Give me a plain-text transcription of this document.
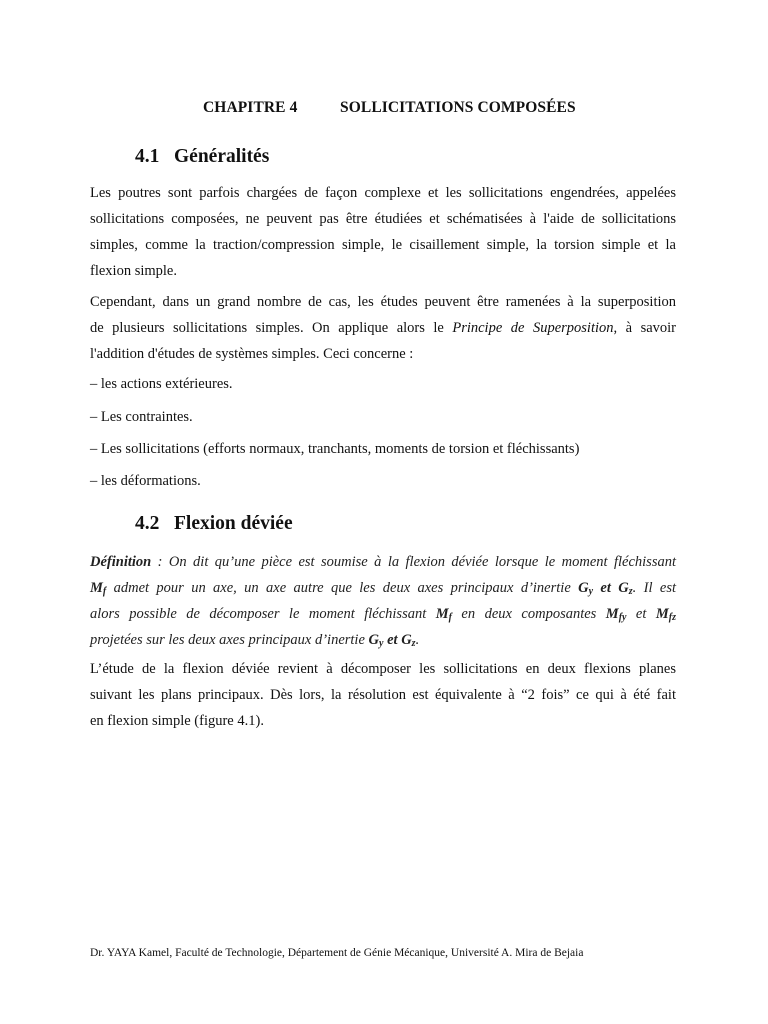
CHAPITRE 4	SOLLICITATIONS COMPOSÉES
4.1 Généralités
Les poutres sont parfois chargées de façon complexe et les sollicitations engendrées, appelées
sollicitations composées, ne peuvent pas être étudiées et schématisées à l'aide de sollicitations
simples, comme la traction/compression simple, le cisaillement simple, la torsion simple et la
flexion simple.
Cependant, dans un grand nombre de cas, les études peuvent être ramenées à la superposition
de plusieurs sollicitations simples. On applique alors le Principe de Superposition, à savoir
l'addition d'études de systèmes simples. Ceci concerne :

– les actions extérieures.

– Les contraintes.

– Les sollicitations (efforts normaux, tranchants, moments de torsion et fléchissants)

– les déformations.

4.2 Flexion déviée
Définition : On dit qu’une pièce est soumise à la flexion déviée lorsque le moment fléchissant
$M_f$ admet pour un axe, un axe autre que les deux axes principaux d’inertie $G_y$ et $G_z$. Il est
alors possible de décomposer le moment fléchissant $M_f$ en deux composantes $M_{fy}$ et $M_{fz}$
projetées sur les deux axes principaux d’inertie $G_y$ et $G_z$.
L’étude de la flexion déviée revient à décomposer les sollicitations en deux flexions planes
suivant les plans principaux. Dès lors, la résolution est équivalente à “2 fois” ce qui à été fait
en flexion simple (figure 4.1).
Dr. YAYA Kamel, Faculté de Technologie, Département de Génie Mécanique, Université A. Mira de Bejaia
